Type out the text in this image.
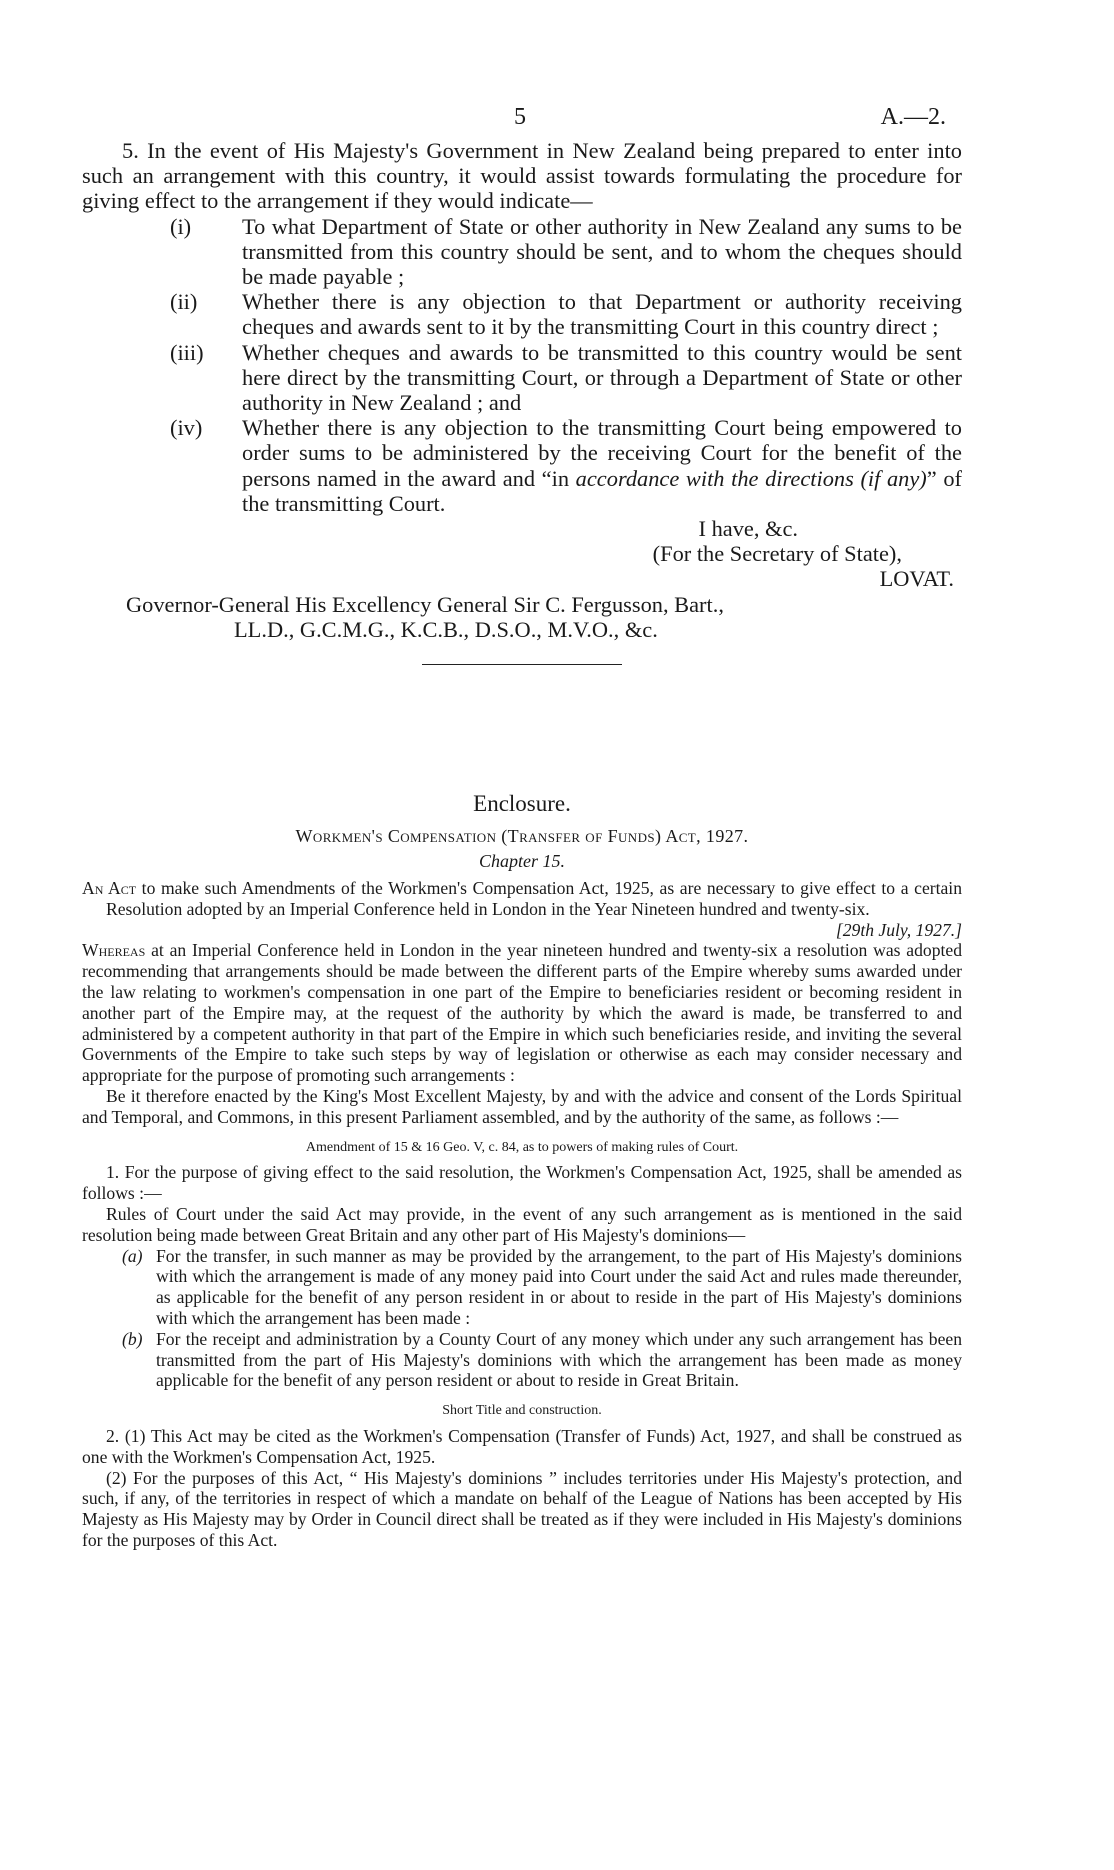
5	A.—2.

5. In the event of His Majesty's Government in New Zealand being prepared to enter into such an arrangement with this country, it would assist towards formulating the procedure for giving effect to the arrangement if they would indicate—

(i)	To what Department of State or other authority in New Zealand any sums to be transmitted from this country should be sent, and to whom the cheques should be made payable ;
(ii)	Whether there is any objection to that Department or authority receiving cheques and awards sent to it by the transmitting Court in this country direct ;
(iii)	Whether cheques and awards to be transmitted to this country would be sent here direct by the transmitting Court, or through a Department of State or other authority in New Zealand ; and
(iv)	Whether there is any objection to the transmitting Court being empowered to order sums to be administered by the receiving Court for the benefit of the persons named in the award and “in accordance with the directions (if any)” of the transmitting Court.
I have, &c.
(For the Secretary of State),
LOVAT.
Governor-General His Excellency General Sir C. Fergusson, Bart.,
LL.D., G.C.M.G., K.C.B., D.S.O., M.V.O., &c.
Enclosure.
Workmen's Compensation (Transfer of Funds) Act, 1927.
Chapter 15.

An Act to make such Amendments of the Workmen's Compensation Act, 1925, as are necessary to give effect to a certain Resolution adopted by an Imperial Conference held in London in the Year Nineteen hundred and twenty-six.
[29th July, 1927.]

Whereas at an Imperial Conference held in London in the year nineteen hundred and twenty-six a resolution was adopted recommending that arrangements should be made between the different parts of the Empire whereby sums awarded under the law relating to workmen's compensation in one part of the Empire to beneficiaries resident or becoming resident in another part of the Empire may, at the request of the authority by which the award is made, be transferred to and administered by a competent authority in that part of the Empire in which such beneficiaries reside, and inviting the several Governments of the Empire to take such steps by way of legislation or otherwise as each may consider necessary and appropriate for the purpose of promoting such arrangements :

Be it therefore enacted by the King's Most Excellent Majesty, by and with the advice and consent of the Lords Spiritual and Temporal, and Commons, in this present Parliament assembled, and by the authority of the same, as follows :—

Amendment of 15 & 16 Geo. V, c. 84, as to powers of making rules of Court.

1. For the purpose of giving effect to the said resolution, the Workmen's Compensation Act, 1925, shall be amended as follows :—

Rules of Court under the said Act may provide, in the event of any such arrangement as is mentioned in the said resolution being made between Great Britain and any other part of His Majesty's dominions—

(a) For the transfer, in such manner as may be provided by the arrangement, to the part of His Majesty's dominions with which the arrangement is made of any money paid into Court under the said Act and rules made thereunder, as applicable for the benefit of any person resident in or about to reside in the part of His Majesty's dominions with which the arrangement has been made :
(b) For the receipt and administration by a County Court of any money which under any such arrangement has been transmitted from the part of His Majesty's dominions with which the arrangement has been made as money applicable for the benefit of any person resident or about to reside in Great Britain.
Short Title and construction.

2. (1) This Act may be cited as the Workmen's Compensation (Transfer of Funds) Act, 1927, and shall be construed as one with the Workmen's Compensation Act, 1925.

(2) For the purposes of this Act, “ His Majesty's dominions ” includes territories under His Majesty's protection, and such, if any, of the territories in respect of which a mandate on behalf of the League of Nations has been accepted by His Majesty as His Majesty may by Order in Council direct shall be treated as if they were included in His Majesty's dominions for the purposes of this Act.
